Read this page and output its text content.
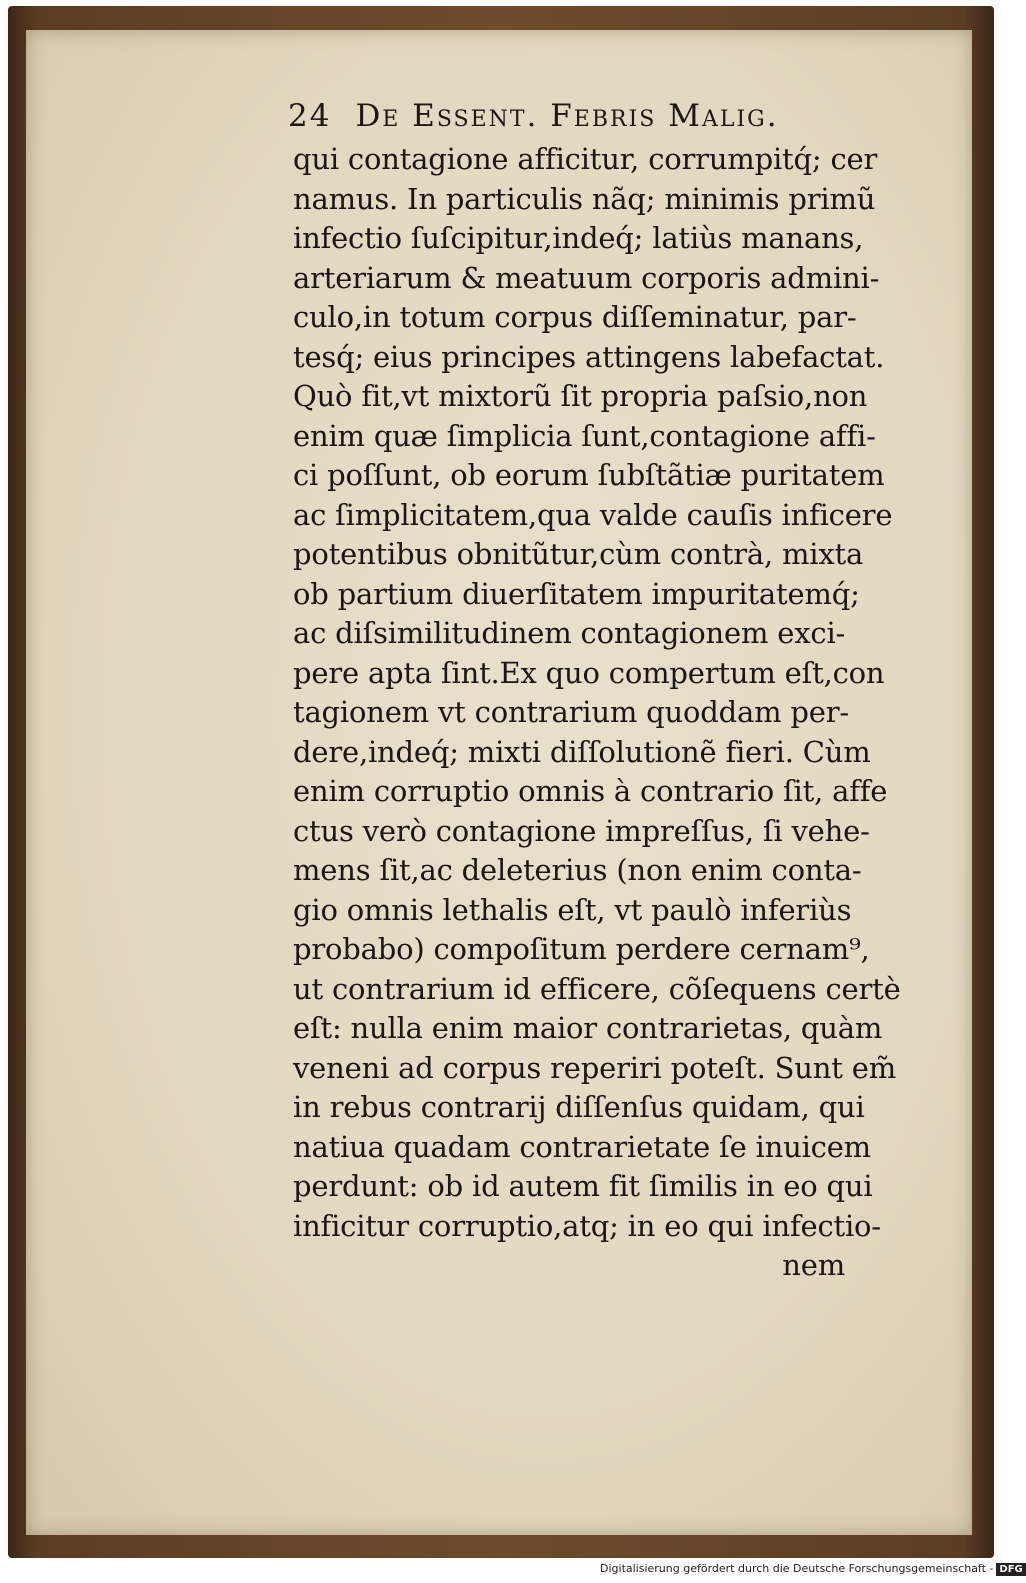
24 De Essent. Febris Malig.
qui contagione afficitur, corrumpitq́; cer
namus. In particulis nãq; minimis primũ
infectio ſuſcipitur,indeq́; latiùs manans,
arteriarum & meatuum corporis admini-
culo,in totum corpus diſſeminatur, par-
tesq́; eius principes attingens labefactat.
Quò fit,vt mixtorũ ſit propria paſsio,non
enim quæ ſimplicia ſunt,contagione affi-
ci poſſunt, ob eorum ſubſtãtiæ puritatem
ac ſimplicitatem,qua valde cauſis inficere
potentibus obnitũtur,cùm contrà, mixta
ob partium diuerſitatem impuritatemq́;
ac diſsimilitudinem contagionem exci-
pere apta ſint.Ex quo compertum eſt,con
tagionem vt contrarium quoddam per-
dere,indeq́; mixti diſſolutionẽ fieri. Cùm
enim corruptio omnis à contrario ſit, affe
ctus verò contagione impreſſus, ſi vehe-
mens ſit,ac deleterius (non enim conta-
gio omnis lethalis eſt, vt paulò inferiùs
probabo) compoſitum perdere cernam⁹,
ut contrarium id efficere, cõſequens certè
eſt: nulla enim maior contrarietas, quàm
veneni ad corpus reperiri poteſt. Sunt em̃
in rebus contrarij diſſenſus quidam, qui
natiua quadam contrarietate ſe inuicem
perdunt: ob id autem fit ſimilis in eo qui
inficitur corruptio,atq; in eo qui infectio-
nem
Digitalisierung gefördert durch die Deutsche Forschungsgemeinschaft - DFG
